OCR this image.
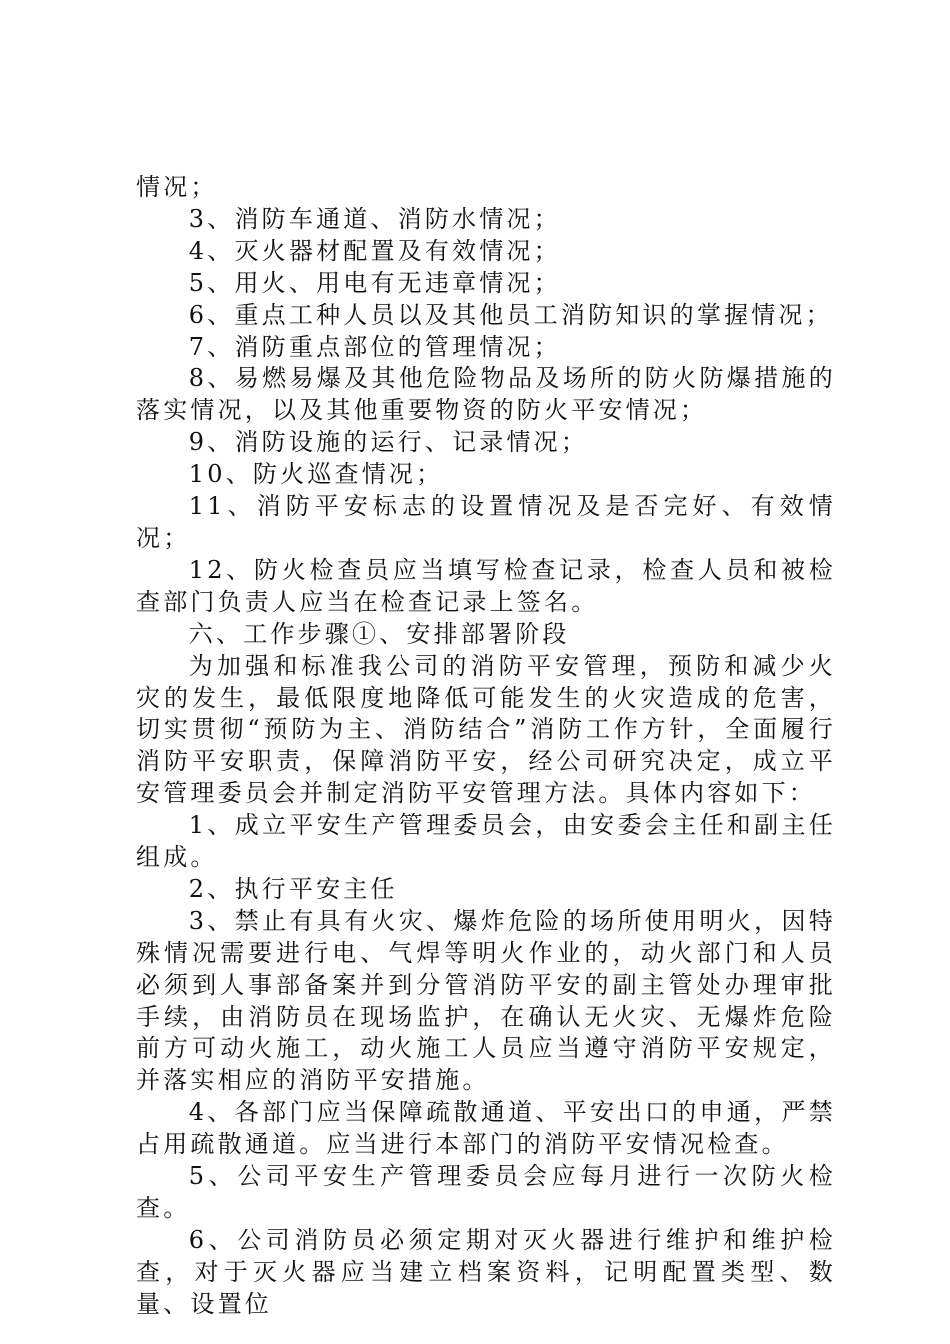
情况；

3、消防车通道、消防水情况；

4、灭火器材配置及有效情况；

5、用火、用电有无违章情况；

6、重点工种人员以及其他员工消防知识的掌握情况；

7、消防重点部位的管理情况；

8、易燃易爆及其他危险物品及场所的防火防爆措施的落实情况，以及其他重要物资的防火平安情况；

9、消防设施的运行、记录情况；

10、防火巡查情况；

11、消防平安标志的设置情况及是否完好、有效情况；

12、防火检查员应当填写检查记录，检查人员和被检查部门负责人应当在检查记录上签名。

六、工作步骤①、安排部署阶段

为加强和标准我公司的消防平安管理，预防和减少火灾的发生，最低限度地降低可能发生的火灾造成的危害，切实贯彻“预防为主、消防结合”消防工作方针，全面履行消防平安职责，保障消防平安，经公司研究决定，成立平安管理委员会并制定消防平安管理方法。具体内容如下：

1、成立平安生产管理委员会，由安委会主任和副主任组成。

2、执行平安主任

3、禁止有具有火灾、爆炸危险的场所使用明火，因特殊情况需要进行电、气焊等明火作业的，动火部门和人员必须到人事部备案并到分管消防平安的副主管处办理审批手续，由消防员在现场监护，在确认无火灾、无爆炸危险前方可动火施工，动火施工人员应当遵守消防平安规定，并落实相应的消防平安措施。

4、各部门应当保障疏散通道、平安出口的申通，严禁占用疏散通道。应当进行本部门的消防平安情况检查。

5、公司平安生产管理委员会应每月进行一次防火检查。

6、公司消防员必须定期对灭火器进行维护和维护检查，对于灭火器应当建立档案资料，记明配置类型、数量、设置位
